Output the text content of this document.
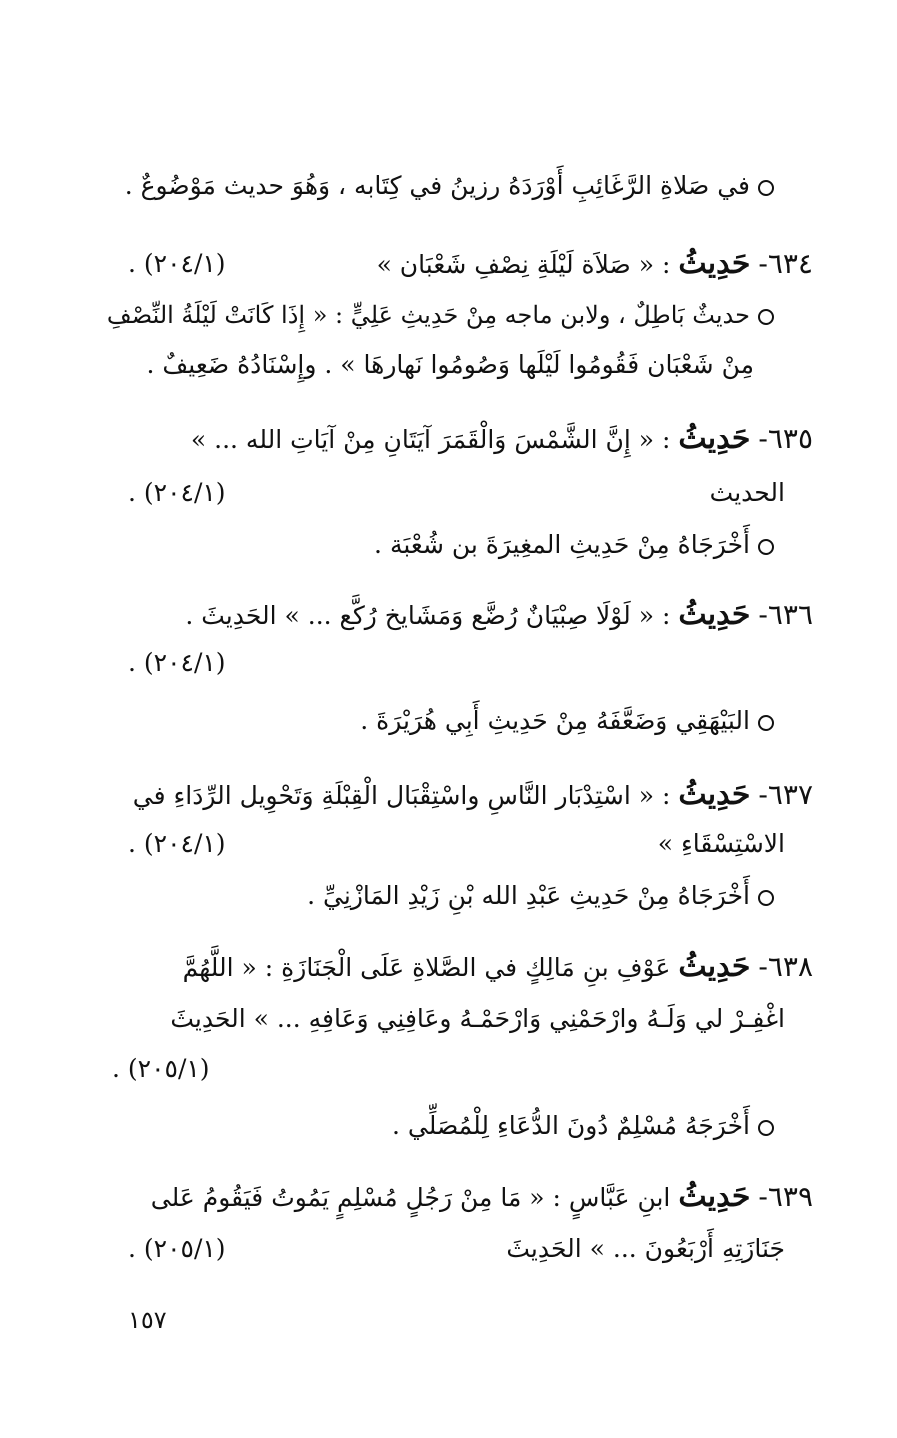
في صَلاةِ الرَّغَائِبِ أَوْرَدَهُ رزينُ في كِتَابه ، وَهُوَ حديث مَوْضُوعٌ .
٦٣٤- حَدِيثُ : « صَلاَة لَيْلَةِ نِصْفِ شَعْبَان »
(٢٠٤/١) .
حديثٌ بَاطِلٌ ، ولابن ماجه مِنْ حَدِيثِ عَلِيٍّ : « إِذَا كَانَتْ لَيْلَةُ النِّصْفِ
مِنْ شَعْبَان فَقُومُوا لَيْلَها وَصُومُوا نَهارهَا » . وإِسْنَادُهُ ضَعِيفٌ .
٦٣٥- حَدِيثُ : « إِنَّ الشَّمْسَ وَالْقَمَرَ آيَتَانِ مِنْ آيَاتِ الله ... »
الحديث
(٢٠٤/١) .
أَخْرَجَاهُ مِنْ حَدِيثِ المغِيرَةَ بن شُعْبَة .
٦٣٦- حَدِيثُ : « لَوْلَا صِبْيَانٌ رُضَّع وَمَشَايخ رُكَّع ... » الحَدِيثَ .
(٢٠٤/١) .
البَيْهَقِي وَضَعَّفَهُ مِنْ حَدِيثِ أَبِي هُرَيْرَةَ .
٦٣٧- حَدِيثُ : « اسْتِدْبَار النَّاسِ واسْتِقْبَال الْقِبْلَةِ وَتَحْوِيل الرِّدَاءِ في
الاسْتِسْقَاءِ »
(٢٠٤/١) .
أَخْرَجَاهُ مِنْ حَدِيثِ عَبْدِ الله بْنِ زَيْدِ المَازْنِيِّ .
٦٣٨- حَدِيثُ عَوْفِ بنِ مَالِكٍ في الصَّلاةِ عَلَى الْجَنَازَةِ : « اللَّهُمَّ
اغْفِـرْ لي وَلَـهُ وارْحَمْنِي وَارْحَمْـهُ وعَافِنِي وَعَافِهِ ... » الحَدِيثَ
(٢٠٥/١) .
أَخْرَجَهُ مُسْلِمٌ دُونَ الدُّعَاءِ لِلْمُصَلِّي .
٦٣٩- حَدِيثُ ابنِ عَبَّاسٍ : « مَا مِنْ رَجُلٍ مُسْلِمٍ يَمُوتُ فَيَقُومُ عَلى
جَنَازَتِهِ أَرْبَعُونَ ... » الحَدِيثَ
(٢٠٥/١) .
١٥٧
